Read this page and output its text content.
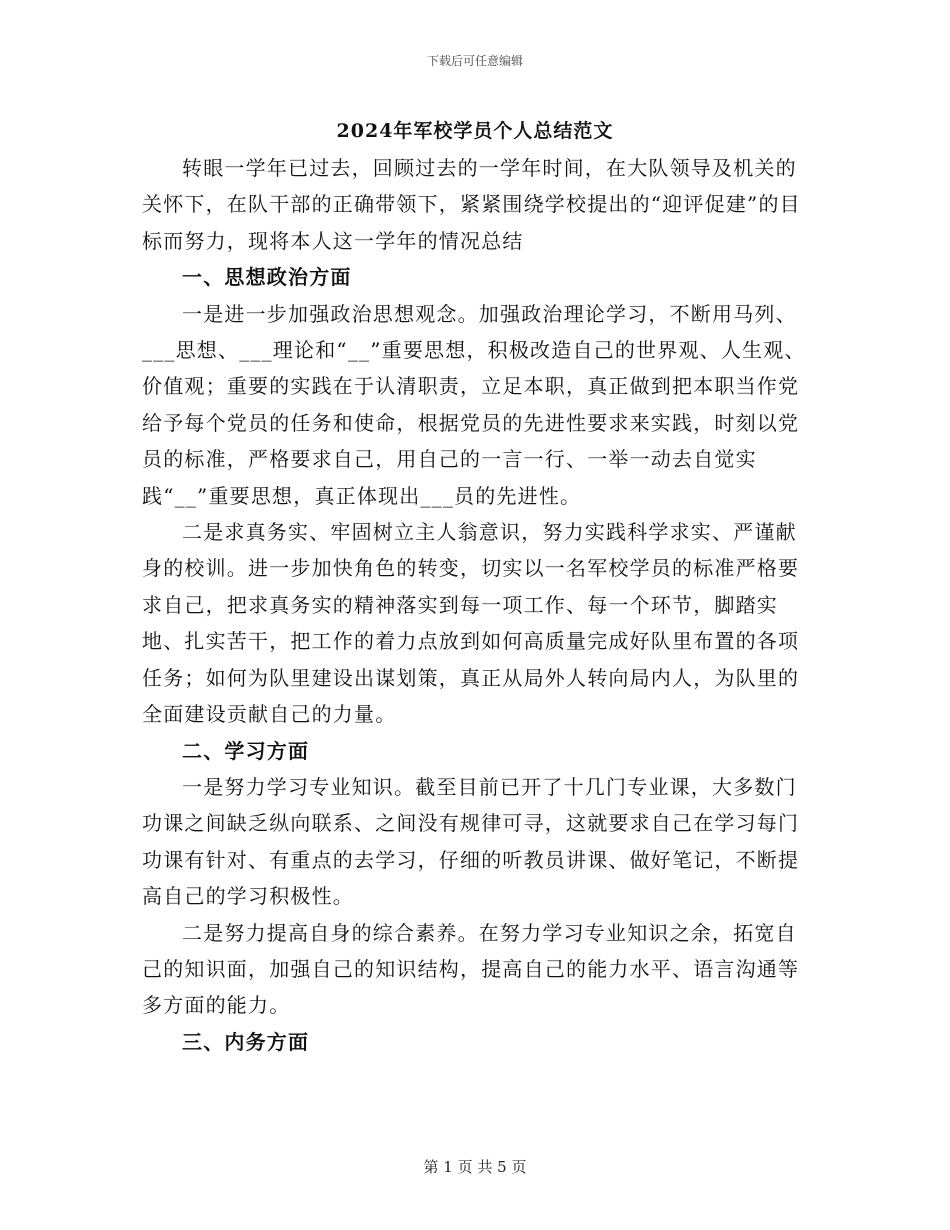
下载后可任意编辑
2024年军校学员个人总结范文

转眼一学年已过去，回顾过去的一学年时间，在大队领导及机关的关怀下，在队干部的正确带领下，紧紧围绕学校提出的“迎评促建”的目标而努力，现将本人这一学年的情况总结

一、思想政治方面

一是进一步加强政治思想观念。加强政治理论学习，不断用马列、___思想、___理论和“__”重要思想，积极改造自己的世界观、人生观、价值观；重要的实践在于认清职责，立足本职，真正做到把本职当作党给予每个党员的任务和使命，根据党员的先进性要求来实践，时刻以党员的标准，严格要求自己，用自己的一言一行、一举一动去自觉实践“__”重要思想，真正体现出___员的先进性。

二是求真务实、牢固树立主人翁意识，努力实践科学求实、严谨献身的校训。进一步加快角色的转变，切实以一名军校学员的标准严格要求自己，把求真务实的精神落实到每一项工作、每一个环节，脚踏实地、扎实苦干，把工作的着力点放到如何高质量完成好队里布置的各项任务；如何为队里建设出谋划策，真正从局外人转向局内人，为队里的全面建设贡献自己的力量。

二、学习方面

一是努力学习专业知识。截至目前已开了十几门专业课，大多数门功课之间缺乏纵向联系、之间没有规律可寻，这就要求自己在学习每门功课有针对、有重点的去学习，仔细的听教员讲课、做好笔记，不断提高自己的学习积极性。

二是努力提高自身的综合素养。在努力学习专业知识之余，拓宽自己的知识面，加强自己的知识结构，提高自己的能力水平、语言沟通等多方面的能力。

三、内务方面
第 1 页 共 5 页
